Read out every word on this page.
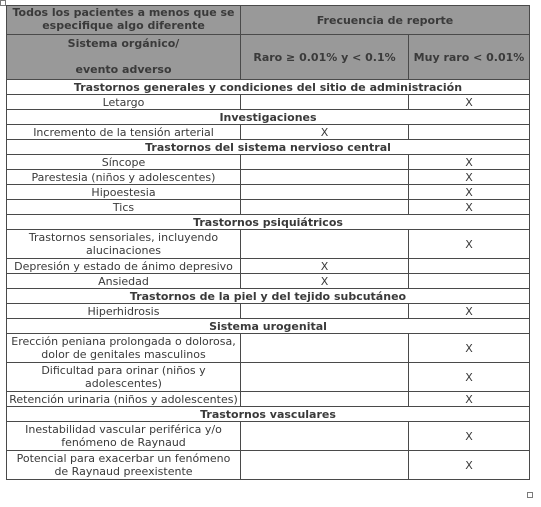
Todos los pacientes a menos que se especifique algo diferente	Frecuencia de reporte	

Sistema orgánico/
evento adverso	Raro ≥ 0.01% y < 0.1%	Muy raro < 0.01%
Trastornos generales y condiciones del sitio de administración		
Letargo		X
Investigaciones		
Incremento de la tensión arterial	X	
Trastornos del sistema nervioso central		
Síncope		X
Parestesia (niños y adolescentes)		X
Hipoestesia		X
Tics		X
Trastornos psiquiátricos		
Trastornos sensoriales, incluyendo alucinaciones		X
Depresión y estado de ánimo depresivo	X	
Ansiedad	X	
Trastornos de la piel y del tejido subcutáneo		
Hiperhidrosis		X
Sistema urogenital		
Erección peniana prolongada o dolorosa, dolor de genitales masculinos		X
Dificultad para orinar (niños y adolescentes)		X
Retención urinaria (niños y adolescentes)		X
Trastornos vasculares		
Inestabilidad vascular periférica y/o fenómeno de Raynaud		X
Potencial para exacerbar un fenómeno de Raynaud preexistente		X
